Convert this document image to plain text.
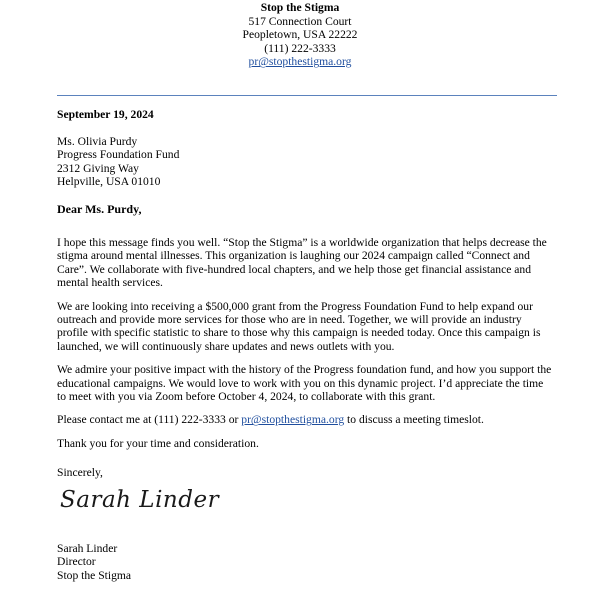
Stop the Stigma
517 Connection Court
Peopletown, USA 22222
(111) 222-3333
pr@stopthestigma.org
September 19, 2024
Ms. Olivia Purdy
Progress Foundation Fund
2312 Giving Way
Helpville, USA 01010
Dear Ms. Purdy,

I hope this message finds you well. “Stop the Stigma” is a worldwide organization that helps decrease the stigma around mental illnesses. This organization is laughing our 2024 campaign called “Connect and Care”. We collaborate with five-hundred local chapters, and we help those get financial assistance and mental health services.

We are looking into receiving a $500,000 grant from the Progress Foundation Fund to help expand our outreach and provide more services for those who are in need. Together, we will provide an industry profile with specific statistic to share to those why this campaign is needed today. Once this campaign is launched, we will continuously share updates and news outlets with you.

We admire your positive impact with the history of the Progress foundation fund, and how you support the educational campaigns. We would love to work with you on this dynamic project. I’d appreciate the time to meet with you via Zoom before October 4, 2024, to collaborate with this grant.

Please contact me at (111) 222-3333 or pr@stopthestigma.org to discuss a meeting timeslot.

Thank you for your time and consideration.

Sincerely,
Sarah Linder
Sarah Linder
Director
Stop the Stigma
